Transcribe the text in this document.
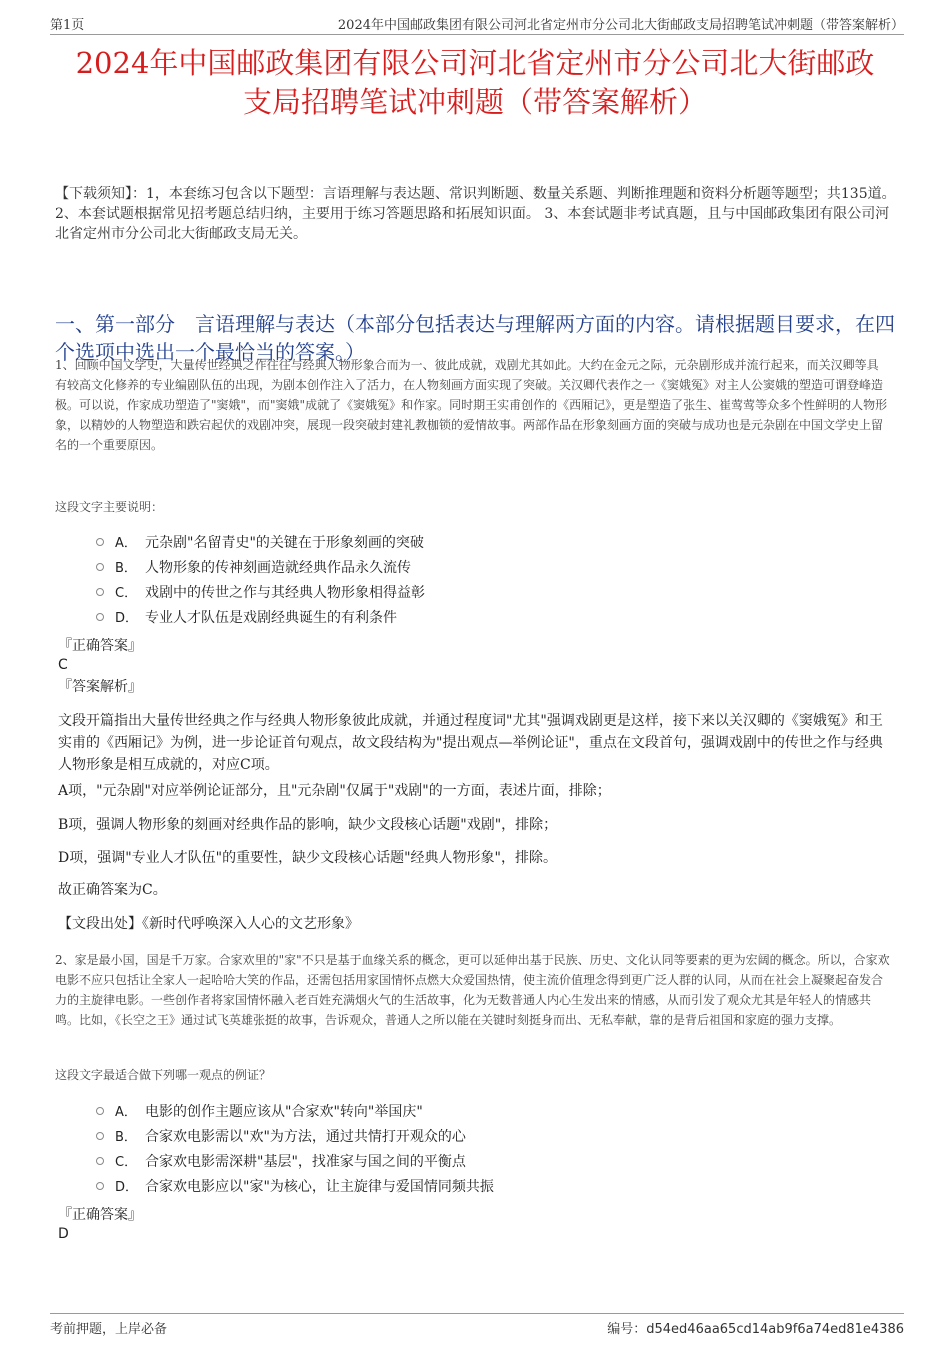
第1页	2024年中国邮政集团有限公司河北省定州市分公司北大街邮政支局招聘笔试冲刺题（带答案解析）
2024年中国邮政集团有限公司河北省定州市分公司北大街邮政
支局招聘笔试冲刺题（带答案解析）
【下载须知】：1，本套练习包含以下题型：言语理解与表达题、常识判断题、数量关系题、判断推理题和资料分析题等题型；共135道。 2、本套试题根据常见招考题总结归纳，主要用于练习答题思路和拓展知识面。 3、本套试题非考试真题，且与中国邮政集团有限公司河北省定州市分公司北大街邮政支局无关。
一、第一部分　言语理解与表达（本部分包括表达与理解两方面的内容。请根据题目要求，在四个选项中选出一个最恰当的答案。）
1、回顾中国文学史，大量传世经典之作往往与经典人物形象合而为一、彼此成就，戏剧尤其如此。大约在金元之际，元杂剧形成并流行起来，而关汉卿等具有较高文化修养的专业编剧队伍的出现，为剧本创作注入了活力，在人物刻画方面实现了突破。关汉卿代表作之一《窦娥冤》对主人公窦娥的塑造可谓登峰造极。可以说，作家成功塑造了"窦娥"，而"窦娥"成就了《窦娥冤》和作家。同时期王实甫创作的《西厢记》，更是塑造了张生、崔莺莺等众多个性鲜明的人物形象，以精妙的人物塑造和跌宕起伏的戏剧冲突，展现一段突破封建礼教枷锁的爱情故事。两部作品在形象刻画方面的突破与成功也是元杂剧在中国文学史上留名的一个重要原因。
这段文字主要说明：
A． 元杂剧"名留青史"的关键在于形象刻画的突破
B． 人物形象的传神刻画造就经典作品永久流传
C． 戏剧中的传世之作与其经典人物形象相得益彰
D． 专业人才队伍是戏剧经典诞生的有利条件
『正确答案』
C
『答案解析』
文段开篇指出大量传世经典之作与经典人物形象彼此成就，并通过程度词"尤其"强调戏剧更是这样，接下来以关汉卿的《窦娥冤》和王实甫的《西厢记》为例，进一步论证首句观点，故文段结构为"提出观点—举例论证"，重点在文段首句，强调戏剧中的传世之作与经典人物形象是相互成就的，对应C项。
A项，"元杂剧"对应举例论证部分，且"元杂剧"仅属于"戏剧"的一方面，表述片面，排除；
B项，强调人物形象的刻画对经典作品的影响，缺少文段核心话题"戏剧"，排除；
D项，强调"专业人才队伍"的重要性，缺少文段核心话题"经典人物形象"，排除。
故正确答案为C。
【文段出处】《新时代呼唤深入人心的文艺形象》
2、家是最小国，国是千万家。合家欢里的"家"不只是基于血缘关系的概念，更可以延伸出基于民族、历史、文化认同等要素的更为宏阔的概念。所以，合家欢电影不应只包括让全家人一起哈哈大笑的作品，还需包括用家国情怀点燃大众爱国热情，使主流价值理念得到更广泛人群的认同，从而在社会上凝聚起奋发合力的主旋律电影。一些创作者将家国情怀融入老百姓充满烟火气的生活故事，化为无数普通人内心生发出来的情感，从而引发了观众尤其是年轻人的情感共鸣。比如，《长空之王》通过试飞英雄张挺的故事，告诉观众，普通人之所以能在关键时刻挺身而出、无私奉献，靠的是背后祖国和家庭的强力支撑。
这段文字最适合做下列哪一观点的例证？
A． 电影的创作主题应该从"合家欢"转向"举国庆"
B． 合家欢电影需以"欢"为方法，通过共情打开观众的心
C． 合家欢电影需深耕"基层"，找准家与国之间的平衡点
D． 合家欢电影应以"家"为核心，让主旋律与爱国情同频共振
『正确答案』
D
考前押题，上岸必备	编号：d54ed46aa65cd14ab9f6a74ed81e4386
